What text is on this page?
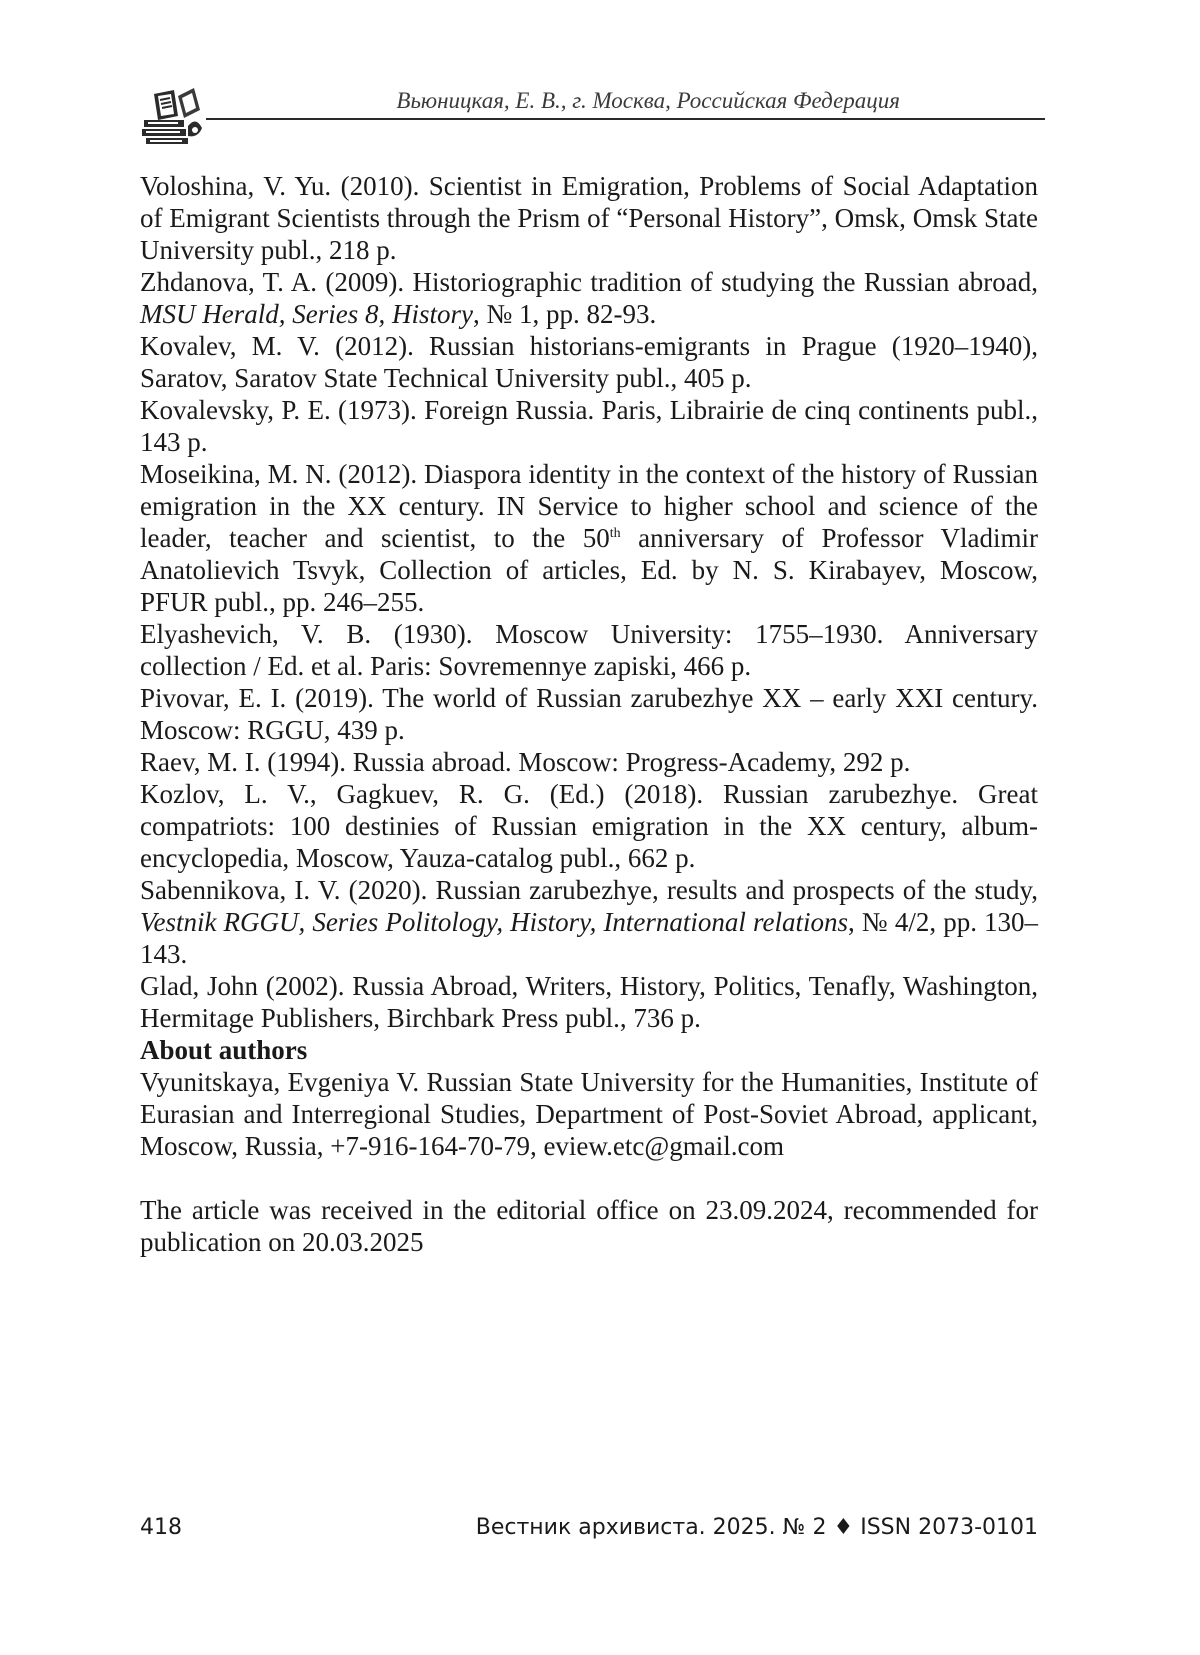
Вьюницкая, Е. В., г. Москва, Российская Федерация

Voloshina, V. Yu. (2010). Scientist in Emigration, Problems of Social Adaptation of Emigrant Scientists through the Prism of “Personal History”, Omsk, Omsk State University publ., 218 p.

Zhdanova, T. A. (2009). Historiographic tradition of studying the Russian abroad, MSU Herald, Series 8, History, № 1, pp. 82-93.

Kovalev, M. V. (2012). Russian historians-emigrants in Prague (1920–1940), Saratov, Saratov State Technical University publ., 405 p.

Kovalevsky, P. E. (1973). Foreign Russia. Paris, Librairie de cinq continents publ., 143 p.

Moseikina, M. N. (2012). Diaspora identity in the context of the history of Russian emigration in the XX century. IN Service to higher school and science of the leader, teacher and scientist, to the 50th anniversary of Professor Vladimir Anatolievich Tsvyk, Collection of articles, Ed. by N. S. Kirabayev, Moscow, PFUR publ., pp. 246–255.

Elyashevich, V. B. (1930). Moscow University: 1755–1930. Anniversary collection / Ed. et al. Paris: Sovremennye zapiski, 466 p.

Pivovar, E. I. (2019). The world of Russian zarubezhye XX – early XXI century. Moscow: RGGU, 439 p.

Raev, M. I. (1994). Russia abroad. Moscow: Progress-Academy, 292 p.

Kozlov, L. V., Gagkuev, R. G. (Ed.) (2018). Russian zarubezhye. Great compatriots: 100 destinies of Russian emigration in the XX century, album-encyclopedia, Moscow, Yauza-catalog publ., 662 p.

Sabennikova, I. V. (2020). Russian zarubezhye, results and prospects of the study, Vestnik RGGU, Series Politology, History, International relations, № 4/2, pp. 130–143.

Glad, John (2002). Russia Abroad, Writers, History, Politics, Tenafly, Washington, Hermitage Publishers, Birchbark Press publ., 736 p.

About authors

Vyunitskaya, Evgeniya V. Russian State University for the Humanities, Institute of Eurasian and Interregional Studies, Department of Post-Soviet Abroad, applicant, Moscow, Russia, +7-916-164-70-79, eview.etc@gmail.com

The article was received in the editorial office on 23.09.2024, recommended for publication on 20.03.2025

418	Вестник архивиста. 2025. № 2 ♦ ISSN 2073-0101
